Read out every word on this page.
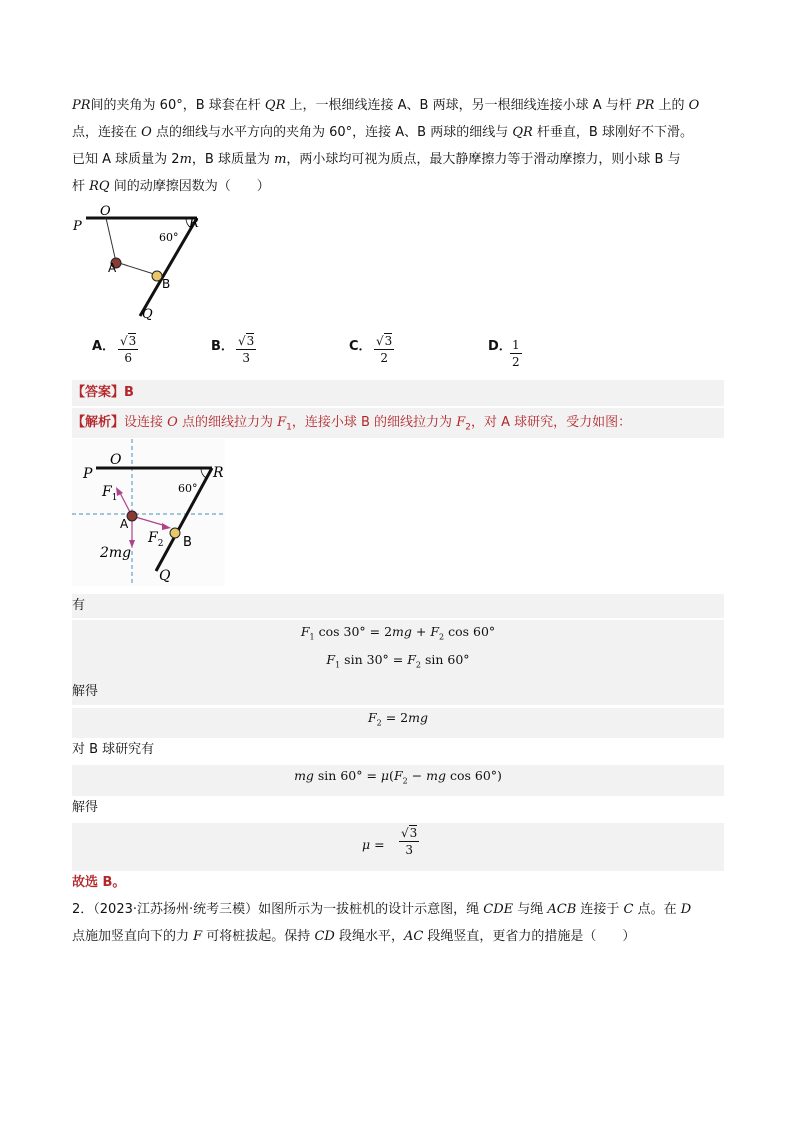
PR间的夹角为 60°，B 球套在杆 QR 上，一根细线连接 A、B 两球，另一根细线连接小球 A 与杆 PR 上的 O
点，连接在 O 点的细线与水平方向的夹角为 60°，连接 A、B 两球的细线与 QR 杆垂直，B 球刚好不下滑。
已知 A 球质量为 2m，B 球质量为 m，两小球均可视为质点，最大静摩擦力等于滑动摩擦力，则小球 B 与
杆 RQ 间的动摩擦因数为（　　）
P
O
R
60°
A
B
Q
A． $\frac{√3}{6}$	B． $\frac{√3}{3}$	C． $\frac{√3}{2}$	D．
$\frac{1}{2}$
【答案】B
【解析】设连接 O 点的细线拉力为 $F_1$，连接小球 B 的细线拉力为 $F_2$，对 A 球研究，受力如图：
P
O
R
60°
$F_1$
A
$F_2$ B
2mg
Q
有
$F_1$ $\cos 30^\circ = 2mg + F_2$ cos 60°
$F_1$ $\sin 30^\circ = F_2$ sin 60°
解得
$F_2 = 2mg$
对 B 球研究有
mg $\sin 60^\circ = \mu(F_2$ − mg cos 60°)
解得
$\mu = \frac{√3}{3}$
故选 B。
2．（2023·江苏扬州·统考三模）如图所示为一拔桩机的设计示意图，绳 CDE 与绳 ACB 连接于 C 点。在 D
点施加竖直向下的力 F 可将桩拔起。保持 CD 段绳水平，AC 段绳竖直，更省力的措施是（　　）
